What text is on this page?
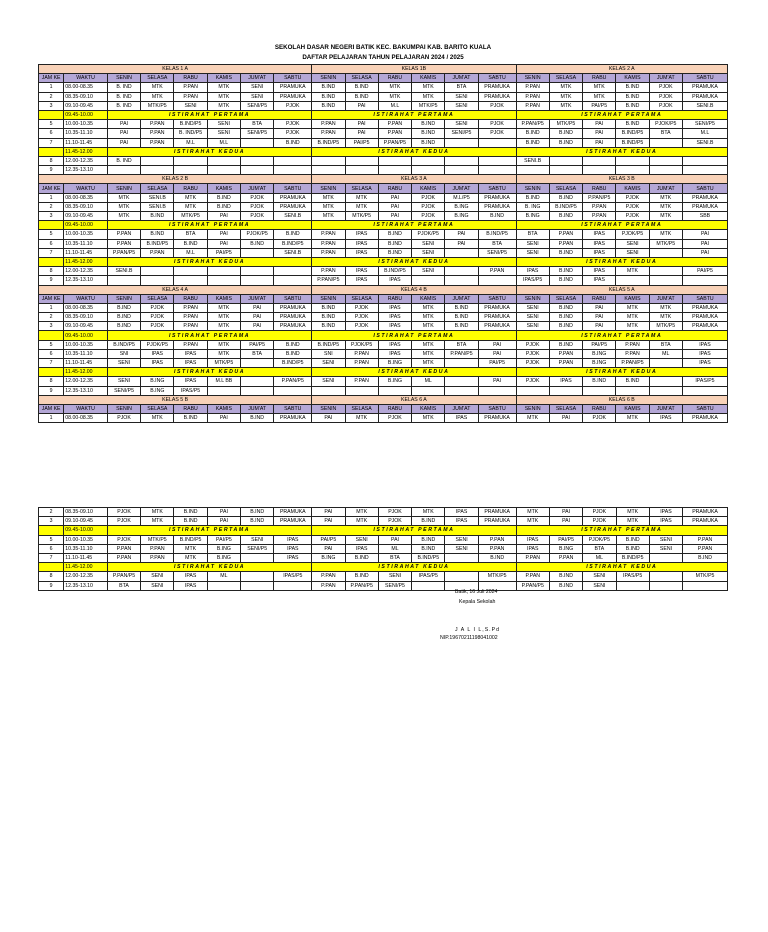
SEKOLAH DASAR NEGERI BATIK KEC. BAKUMPAI KAB. BARITO KUALA
DAFTAR PELAJARAN TAHUN PELAJARAN 2024 / 2025
KELAS 1 A								KELAS 1B						KELAS 2 A					
JAM KE	WAKTU	SENIN	SELASA	RABU	KAMIS	JUM'AT	SABTU	SENIN	SELASA	RABU	KAMIS	JUM'AT	SABTU	SENIN	SELASA	RABU	KAMIS	JUM'AT	SABTU
1	08.00-08.35	B. IND	MTK	P.PAN	MTK	SENI	PRAMUKA	B.IND	B.IND	MTK	MTK	BTA	PRAMUKA	P.PAN	MTK	MTK	B.IND	PJOK	PRAMUKA
2	08.35-09.10	B. IND	MTK	P.PAN	MTK	SENI	PRAMUKA	B.IND	B.IND	MTK	MTK	SENI	PRAMUKA	P.PAN	MTK	MTK	B.IND	PJOK	PRAMUKA
3	09.10-09.45	B. IND	MTK/P5	SENI	MTK	SENI/P5	PJOK	B.IND	PAI	M.L	MTK/P5	SENI	PJOK	P.PAN	MTK	PAI/P5	B.IND	PJOK	SENI.B
	09.45-10.00	ISTIRAHAT PERTAMA						ISTIRAHAT PERTAMA						ISTIRAHAT PERTAMA					
5	10.00-10.35	PAI	P.PAN	B.IND/P5	SENI	BTA	PJOK	P.PAN	PAI	P.PAN	B.IND	SENI	PJOK	P.PAN/P5	MTK/P5	PAI	B.IND	PJOK/P5	SENI/P5
6	10.35-11.10	PAI	P.PAN	B. IND/P5	SENI	SENI/P5	PJOK	P.PAN	PAI	P.PAN	B.IND	SENI/P5	PJOK	B.IND	B.IND	PAI	B.IND/P5	BTA	M.L
7	11.10-11.45	PAI	P.PAN	M.L	M.L		B.IND	B.IND/P5	PAI/P5	P.PAN/P5	B.IND			B.IND	B.IND	PAI	B.IND/P5		SENI.B
	11.45-12.00	ISTIRAHAT KEDUA						ISTIRAHAT KEDUA						ISTIRAHAT KEDUA					
8	12.00-12.35	B. IND												SENI.B					
9	12.35-13.10																		
KELAS 2 B								KELAS 3 A						KELAS 3 B					
JAM KE	WAKTU	SENIN	SELASA	RABU	KAMIS	JUM'AT	SABTU	SENIN	SELASA	RABU	KAMIS	JUM'AT	SABTU	SENIN	SELASA	RABU	KAMIS	JUM'AT	SABTU
1	08.00-08.35	MTK	SENI.B	MTK	B.IND	PJOK	PRAMUKA	MTK	MTK	PAI	PJOK	M.L/P5	PRAMUKA	B.IND	B.IND	P.PAN/P5	PJOK	MTK	PRAMUKA
2	08.35-09.10	MTK	SENI.B	MTK	B.IND	PJOK	PRAMUKA	MTK	MTK	PAI	PJOK	B.ING	PRAMUKA	B. ING	B.IND/P5	P.PAN	PJOK	MTK	PRAMUKA
3	09.10-09.45	MTK	B.IND	MTK/P5	PAI	PJOK	SENI.B	MTK	MTK/P5	PAI	PJOK	B.ING	B.IND	B.ING	B.IND	P.PAN	PJOK	MTK	SBB
	09.45-10.00	ISTIRAHAT PERTAMA						ISTIRAHAT PERTAMA						ISTIRAHAT PERTAMA					
5	10.00-10.35	P.PAN	B.IND	BTA	PAI	PJOK/P5	B.IND	P.PAN	IPAS	B.IND	PJOK/P5	PAI	B.IND/P5	BTA	P.PAN	IPAS	PJOK/P5	MTK	PAI
6	10.35-11.10	P.PAN	B.IND/P5	B.IND	PAI	B.IND	B.IND/P5	P.PAN	IPAS	B.IND	SENI	PAI	BTA	SENI	P.PAN	IPAS	SENI	MTK/P5	PAI
7	11.10-11.45	P.PAN/P5	P.PAN	M.L	PAI/P5		SENI.B	P.PAN	IPAS	B.IND	SENI		SENI/P5	SENI	B.IND	IPAS	SENI		PAI
	11.45-12.00	ISTIRAHAT KEDUA						ISTIRAHAT KEDUA						ISTIRAHAT KEDUA					
8	12.00-12.35	SENI.B						P.PAN	IPAS	B.IND/P5	SENI		P.PAN	IPAS	B.IND	IPAS	MTK		PAI/P5
9	12.35-13.10							P.PAN/P5	IPAS	IPAS				IPAS/P5	B.IND	IPAS			
KELAS 4 A								KELAS 4 B						KELAS 5 A					
JAM KE	WAKTU	SENIN	SELASA	RABU	KAMIS	JUM'AT	SABTU	SENIN	SELASA	RABU	KAMIS	JUM'AT	SABTU	SENIN	SELASA	RABU	KAMIS	JUM'AT	SABTU
1	08.00-08.35	B.IND	PJOK	P.PAN	MTK	PAI	PRAMUKA	B.IND	PJOK	IPAS	MTK	B.IND	PRAMUKA	SENI	B.IND	PAI	MTK	MTK	PRAMUKA
2	08.35-09.10	B.IND	PJOK	P.PAN	MTK	PAI	PRAMUKA	B.IND	PJOK	IPAS	MTK	B.IND	PRAMUKA	SENI	B.IND	PAI	MTK	MTK	PRAMUKA
3	09.10-09.45	B.IND	PJOK	P.PAN	MTK	PAI	PRAMUKA	B.IND	PJOK	IPAS	MTK	B.IND	PRAMUKA	SENI	B.IND	PAI	MTK	MTK/P5	PRAMUKA
	09.45-10.00	ISTIRAHAT PERTAMA						ISTIRAHAT PERTAMA						ISTIRAHAT PERTAMA					
5	10.00-10.35	B.IND/P5	PJOK/P5	P.PAN	MTK	PAI/P5	B.IND	B.IND/P5	PJOK/P5	IPAS	MTK	BTA	PAI	PJOK	B.IND	PAI/P5	P.PAN	BTA	IPAS
6	10.35-11.10	SNI	IPAS	IPAS	MTK	BTA	B.IND	SNI	P.PAN	IPAS	MTK	P.PAN/P5	PAI	PJOK	P.PAN	B.ING	P.PAN	ML	IPAS
7	11.10-11.45	SENI	IPAS	IPAS	MTK/P5		B.IND/P5	SENI	P.PAN	B.ING	MTK		PAI/P5	PJOK	P.PAN	B.ING	P.PAN/P5		IPAS
	11.45-12.00	ISTIRAHAT KEDUA						ISTIRAHAT KEDUA						ISTIRAHAT KEDUA					
8	12.00-12.35	SENI	B.ING	IPAS	M.L BB		P.PAN/P5	SENI	P.PAN	B.ING	ML		PAI	PJOK	IPAS	B.IND	B.IND		IPAS/P5
9	12.35-13.10	SENI/P5	B.ING	IPAS/P5															
KELAS 5 B								KELAS 6 A						KELAS 6 B					
JAM KE	WAKTU	SENIN	SELASA	RABU	KAMIS	JUM'AT	SABTU	SENIN	SELASA	RABU	KAMIS	JUM'AT	SABTU	SENIN	SELASA	RABU	KAMIS	JUM'AT	SABTU
1	08.00-08.35	PJOK	MTK	B.IND	PAI	B.IND	PRAMUKA	PAI	MTK	PJOK	MTK	IPAS	PRAMUKA	MTK	PAI	PJOK	MTK	IPAS	PRAMUKA
2	08.35-09.10	PJOK	MTK	B.IND	PAI	B.IND	PRAMUKA	PAI	MTK	PJOK	MTK	IPAS	PRAMUKA	MTK	PAI	PJOK	MTK	IPAS	PRAMUKA
3	09.10-09.45	PJOK	MTK	B.IND	PAI	B.IND	PRAMUKA	PAI	MTK	PJOK	B.IND	IPAS	PRAMUKA	MTK	PAI	PJOK	MTK	IPAS	PRAMUKA
	09.45-10.00	ISTIRAHAT PERTAMA						ISTIRAHAT PERTAMA						ISTIRAHAT PERTAMA					
5	10.00-10.35	PJOK	MTK/P5	B.IND/P5	PAI/P5	SENI	IPAS	PAI/P5	SENI	PAI	B.IND	SENI	P.PAN	IPAS	PAI/P5	PJOK/P5	B.IND	SENI	P.PAN
6	10.35-11.10	P.PAN	P.PAN	MTK	B.ING	SENI/P5	IPAS	PAI	IPAS	ML	B.IND	SENI	P.PAN	IPAS	B.ING	BTA	B.IND	SENI	P.PAN
7	11.10-11.45	P.PAN	P.PAN	MTK	B.ING		IPAS	B.ING	B.IND	BTA	B.IND/P5		B.IND	P.PAN	P.PAN	ML	B.IND/P5		B.IND
	11.45-12.00	ISTIRAHAT KEDUA						ISTIRAHAT KEDUA						ISTIRAHAT KEDUA					
8	12.00-12.35	P.PAN/P5	SENI	IPAS	ML		IPAS/P5	P.PAN	B.IND	SENI	IPAS/P5		MTK/P5	P.PAN	B.IND	SENI	IPAS/P5		MTK/P5
9	12.35-13.10	BTA	SENI	IPAS				P.PAN	P.PAN/P5	SENI/P5				P.PAN/P5	B.IND	SENI			
Batik, 16 Juli 2024
Kepala Sekolah
J A L I L,S.Pd
NIP.19670211198041002
